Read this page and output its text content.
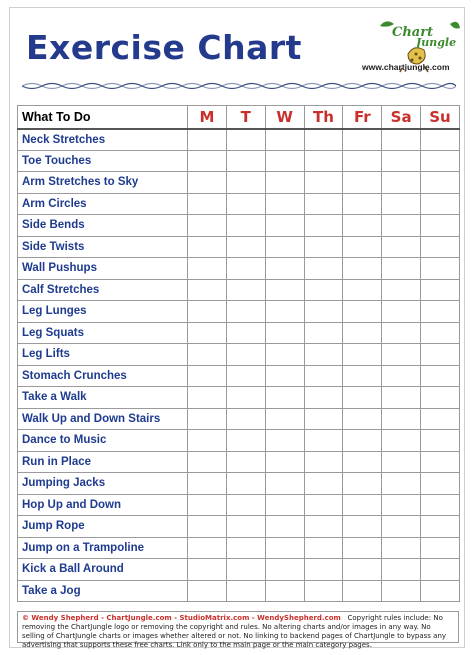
Exercise Chart	Chart
Jungle
www.chartjungle.com
What To Do	M	T	W	Th	Fr	Sa	Su
Neck Stretches							
Toe Touches							
Arm Stretches to Sky							
Arm Circles							
Side Bends							
Side Twists							
Wall Pushups							
Calf Stretches							
Leg Lunges							
Leg Squats							
Leg Lifts							
Stomach Crunches							
Take a Walk							
Walk Up and Down Stairs							
Dance to Music							
Run in Place							
Jumping Jacks							
Hop Up and Down							
Jump Rope							
Jump on a Trampoline							
Kick a Ball Around							
Take a Jog							
© Wendy Shepherd - ChartJungle.com - StudioMatrix.com - WendyShepherd.com Copyright rules include: No removing the ChartJungle logo or removing the copyright and rules. No altering charts and/or images in any way. No selling of ChartJungle charts or images whether altered or not. No linking to backend pages of ChartJungle to bypass any advertising that supports these free charts. Link only to the main page or the main category pages.
